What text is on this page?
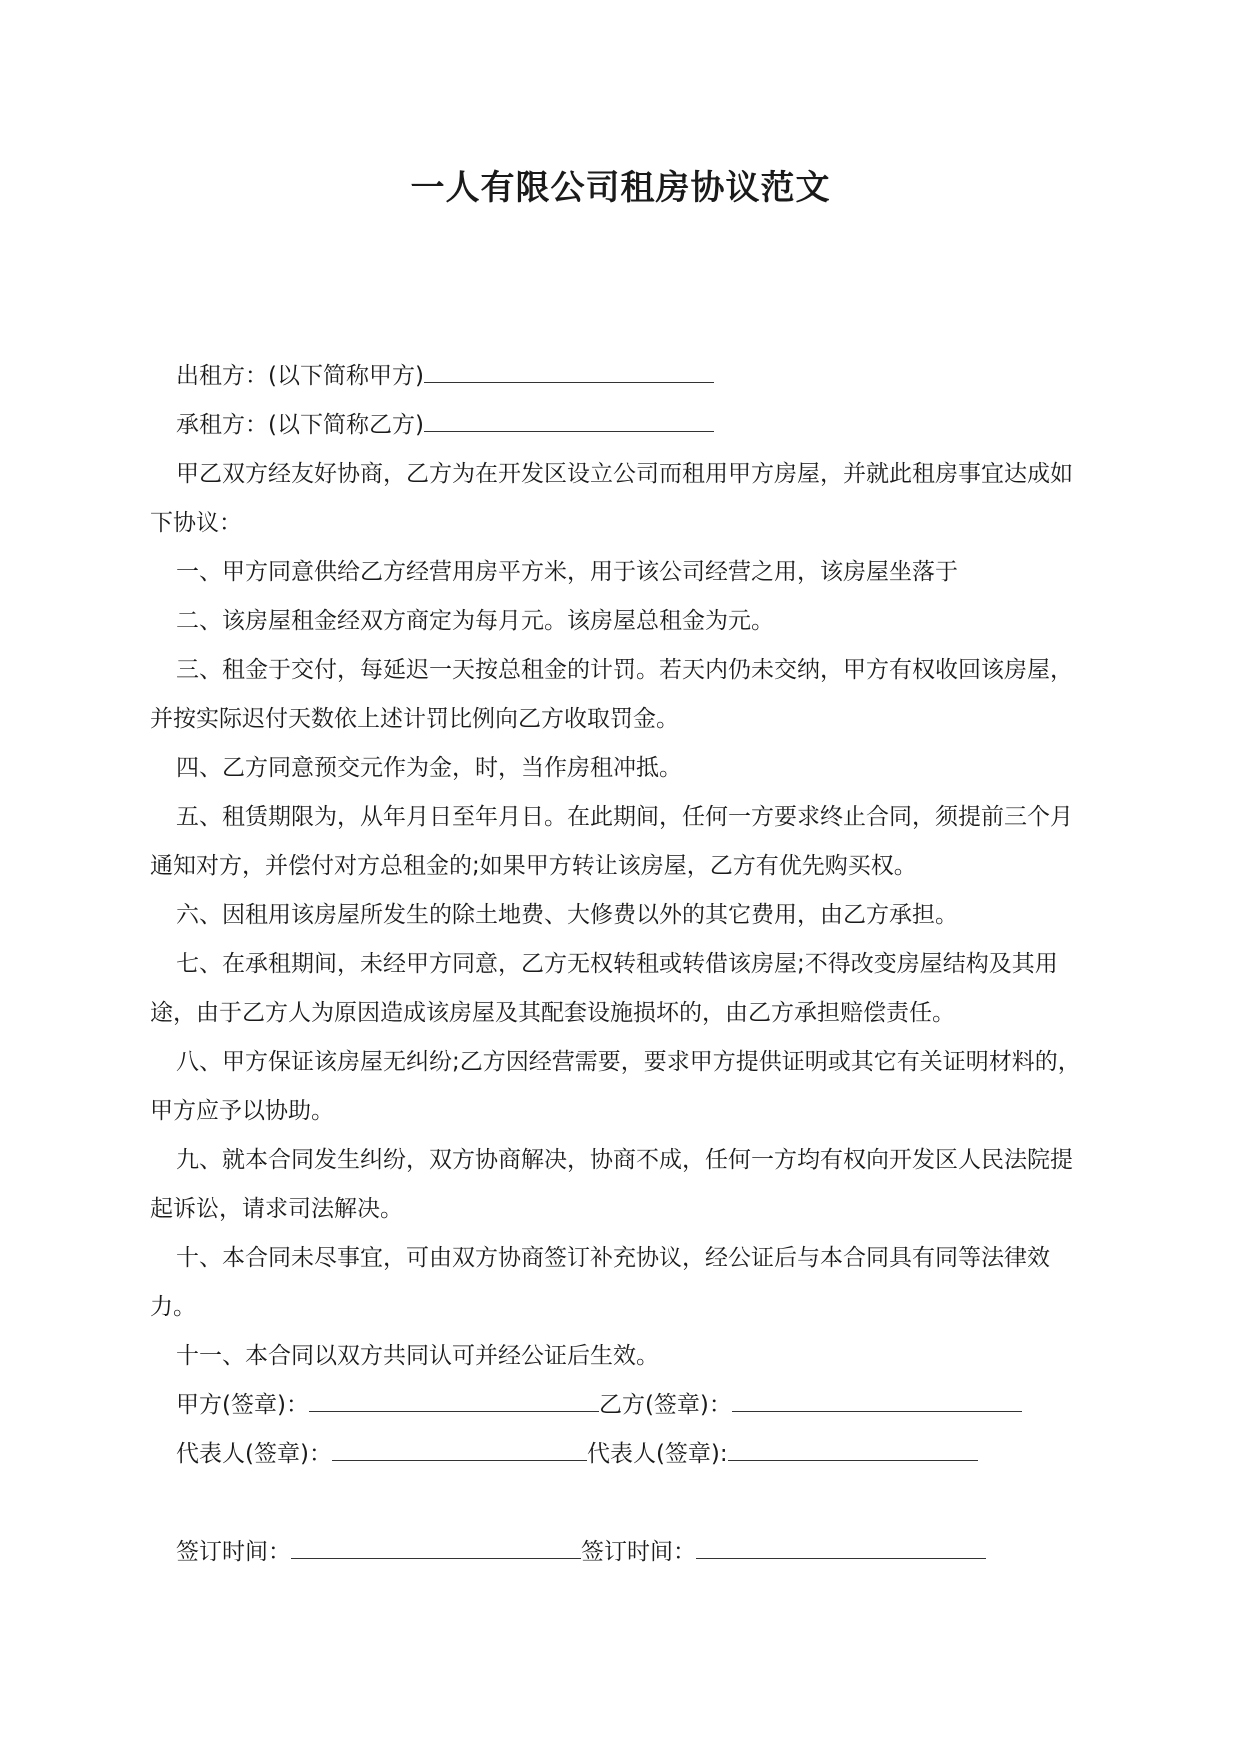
一人有限公司租房协议范文

出租方：(以下简称甲方)

承租方：(以下简称乙方)

甲乙双方经友好协商，乙方为在开发区设立公司而租用甲方房屋，并就此租房事宜达成如下协议：

一、甲方同意供给乙方经营用房平方米，用于该公司经营之用，该房屋坐落于

二、该房屋租金经双方商定为每月元。该房屋总租金为元。

三、租金于交付，每延迟一天按总租金的计罚。若天内仍未交纳，甲方有权收回该房屋，并按实际迟付天数依上述计罚比例向乙方收取罚金。

四、乙方同意预交元作为金，时，当作房租冲抵。

五、租赁期限为，从年月日至年月日。在此期间，任何一方要求终止合同，须提前三个月通知对方，并偿付对方总租金的;如果甲方转让该房屋，乙方有优先购买权。

六、因租用该房屋所发生的除土地费、大修费以外的其它费用，由乙方承担。

七、在承租期间，未经甲方同意，乙方无权转租或转借该房屋;不得改变房屋结构及其用途，由于乙方人为原因造成该房屋及其配套设施损坏的，由乙方承担赔偿责任。

八、甲方保证该房屋无纠纷;乙方因经营需要，要求甲方提供证明或其它有关证明材料的，甲方应予以协助。

九、就本合同发生纠纷，双方协商解决，协商不成，任何一方均有权向开发区人民法院提起诉讼，请求司法解决。

十、本合同未尽事宜，可由双方协商签订补充协议，经公证后与本合同具有同等法律效力。

十一、本合同以双方共同认可并经公证后生效。

甲方(签章)：	乙方(签章)：

代表人(签章)：	代表人(签章):

签订时间：	签订时间：
